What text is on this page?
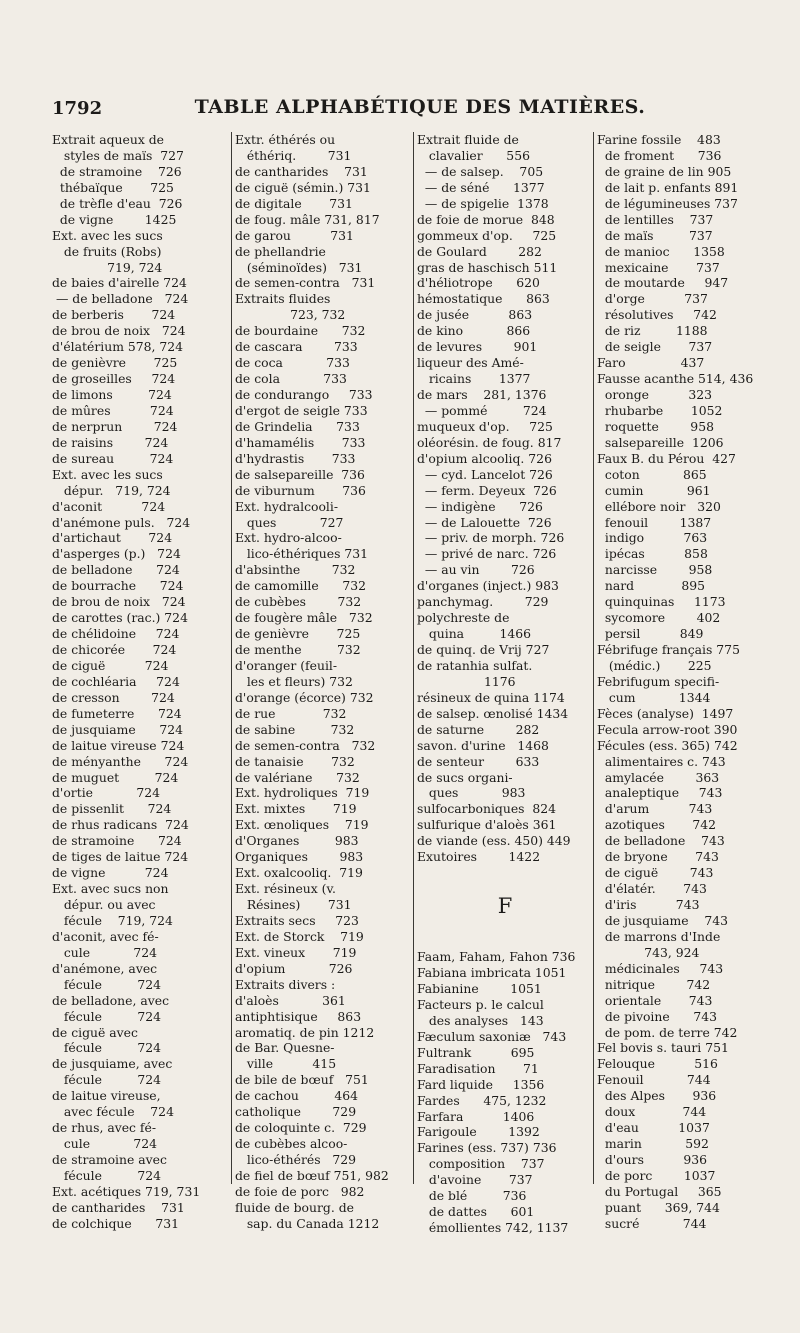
1792	TABLE ALPHABÉTIQUE DES MATIÈRES.
Extrait aqueux de
styles de maïs  727
de stramoine    726
thébaïque       725
de trèfle d'eau  726
de vigne        1425
Ext. avec les sucs
de fruits (Robs)
719, 724
de baies d'airelle 724
— de belladone   724
de berberis       724
de brou de noix   724
d'élatérium 578, 724
de genièvre       725
de groseilles     724
de limons         724
de mûres          724
de nerprun        724
de raisins        724
de sureau         724
Ext. avec les sucs
dépur.   719, 724
d'aconit          724
d'anémone puls.   724
d'artichaut       724
d'asperges (p.)   724
de belladone      724
de bourrache      724
de brou de noix   724
de carottes (rac.) 724
de chélidoine     724
de chicorée       724
de ciguë          724
de cochléaria     724
de cresson        724
de fumeterre      724
de jusquiame      724
de laitue vireuse 724
de ményanthe      724
de muguet         724
d'ortie           724
de pissenlit      724
de rhus radicans  724
de stramoine      724
de tiges de laitue 724
de vigne          724
Ext. avec sucs non
dépur. ou avec
fécule    719, 724
d'aconit, avec fé-
cule           724
d'anémone, avec
fécule         724
de belladone, avec
fécule         724
de ciguë avec
fécule         724
de jusquiame, avec
fécule         724
de laitue vireuse,
avec fécule    724
de rhus, avec fé-
cule           724
de stramoine avec
fécule         724
Ext. acétiques 719, 731
de cantharides    731
de colchique      731
Extr. éthérés ou
éthériq.        731
de cantharides    731
de ciguë (sémin.) 731
de digitale       731
de foug. mâle 731, 817
de garou          731
de phellandrie
(séminoïdes)   731
de semen-contra   731
Extraits fluides
723, 732
de bourdaine      732
de cascara        733
de coca           733
de cola           733
de condurango     733
d'ergot de seigle 733
de Grindelia      733
d'hamamélis       733
d'hydrastis       733
de salsepareille  736
de viburnum       736
Ext. hydralcooli-
ques           727
Ext. hydro-alcoo-
lico-éthériques 731
d'absinthe        732
de camomille      732
de cubèbes        732
de fougère mâle   732
de genièvre       725
de menthe         732
d'oranger (feuil-
les et fleurs) 732
d'orange (écorce) 732
de rue            732
de sabine         732
de semen-contra   732
de tanaisie       732
de valériane      732
Ext. hydroliques  719
Ext. mixtes       719
Ext. œnoliques    719
d'Organes         983
Organiques        983
Ext. oxalcooliq.  719
Ext. résineux (v.
Résines)       731
Extraits secs     723
Ext. de Storck    719
Ext. vineux       719
d'opium           726
Extraits divers :
d'aloès           361
antiphtisique     863
aromatiq. de pin 1212
de Bar. Quesne-
ville          415
de bile de bœuf   751
de cachou         464
catholique        729
de coloquinte c.  729
de cubèbes alcoo-
lico-éthérés   729
de fiel de bœuf 751, 982
de foie de porc   982
fluide de bourg. de
sap. du Canada 1212
Extrait fluide de
clavalier      556
— de salsep.    705
— de séné      1377
— de spigelie  1378
de foie de morue  848
gommeux d'op.     725
de Goulard        282
gras de haschisch 511
d'héliotrope      620
hémostatique      863
de jusée          863
de kino           866
de levures        901
liqueur des Amé-
ricains       1377
de mars    281, 1376
— pommé         724
muqueux d'op.     725
oléorésin. de foug. 817
d'opium alcooliq. 726
— cyd. Lancelot 726
— ferm. Deyeux  726
— indigène      726
— de Lalouette  726
— priv. de morph. 726
— privé de narc. 726
— au vin        726
d'organes (inject.) 983
panchymag.        729
polychreste de
quina         1466
de quinq. de Vrij 727
de ratanhia sulfat.
1176
résineux de quina 1174
de salsep. œnolisé 1434
de saturne        282
savon. d'urine   1468
de senteur        633
de sucs organi-
ques           983
sulfocarboniques  824
sulfurique d'aloès 361
de viande (ess. 450) 449
Exutoires        1422
F
Faam, Faham, Fahon 736
Fabiana imbricata 1051
Fabianine        1051
Facteurs p. le calcul
des analyses   143
Fæculum saxoniæ   743
Fultrank          695
Faradisation       71
Fard liquide     1356
Fardes      475, 1232
Farfara          1406
Farigoule        1392
Farines (ess. 737) 736
composition    737
d'avoine       737
de blé         736
de dattes      601
émollientes 742, 1137
Farine fossile    483
de froment      736
de graine de lin 905
de lait p. enfants 891
de légumineuses 737
de lentilles    737
de maïs         737
de manioc      1358
mexicaine       737
de moutarde     947
d'orge          737
résolutives     742
de riz         1188
de seigle       737
Faro              437
Fausse acanthe 514, 436
oronge          323
rhubarbe       1052
roquette        958
salsepareille  1206
Faux B. du Pérou  427
coton           865
cumin           961
ellébore noir   320
fenouil        1387
indigo          763
ipécas          858
narcisse        958
nard            895
quinquinas     1173
sycomore        402
persil          849
Fébrifuge français 775
(médic.)       225
Febrifugum specifi-
cum           1344
Fèces (analyse)  1497
Fecula arrow-root 390
Fécules (ess. 365) 742
alimentaires c. 743
amylacée        363
analeptique     743
d'arum          743
azotiques       742
de belladone    743
de bryone       743
de ciguë        743
d'élatér.       743
d'iris          743
de jusquiame    743
de marrons d'Inde
743, 924
médicinales     743
nitrique        742
orientale       743
de pivoine      743
de pom. de terre 742
Fel bovis s. tauri 751
Felouque          516
Fenouil           744
des Alpes       936
doux            744
d'eau          1037
marin           592
d'ours          936
de porc        1037
du Portugal     365
puant      369, 744
sucré           744
